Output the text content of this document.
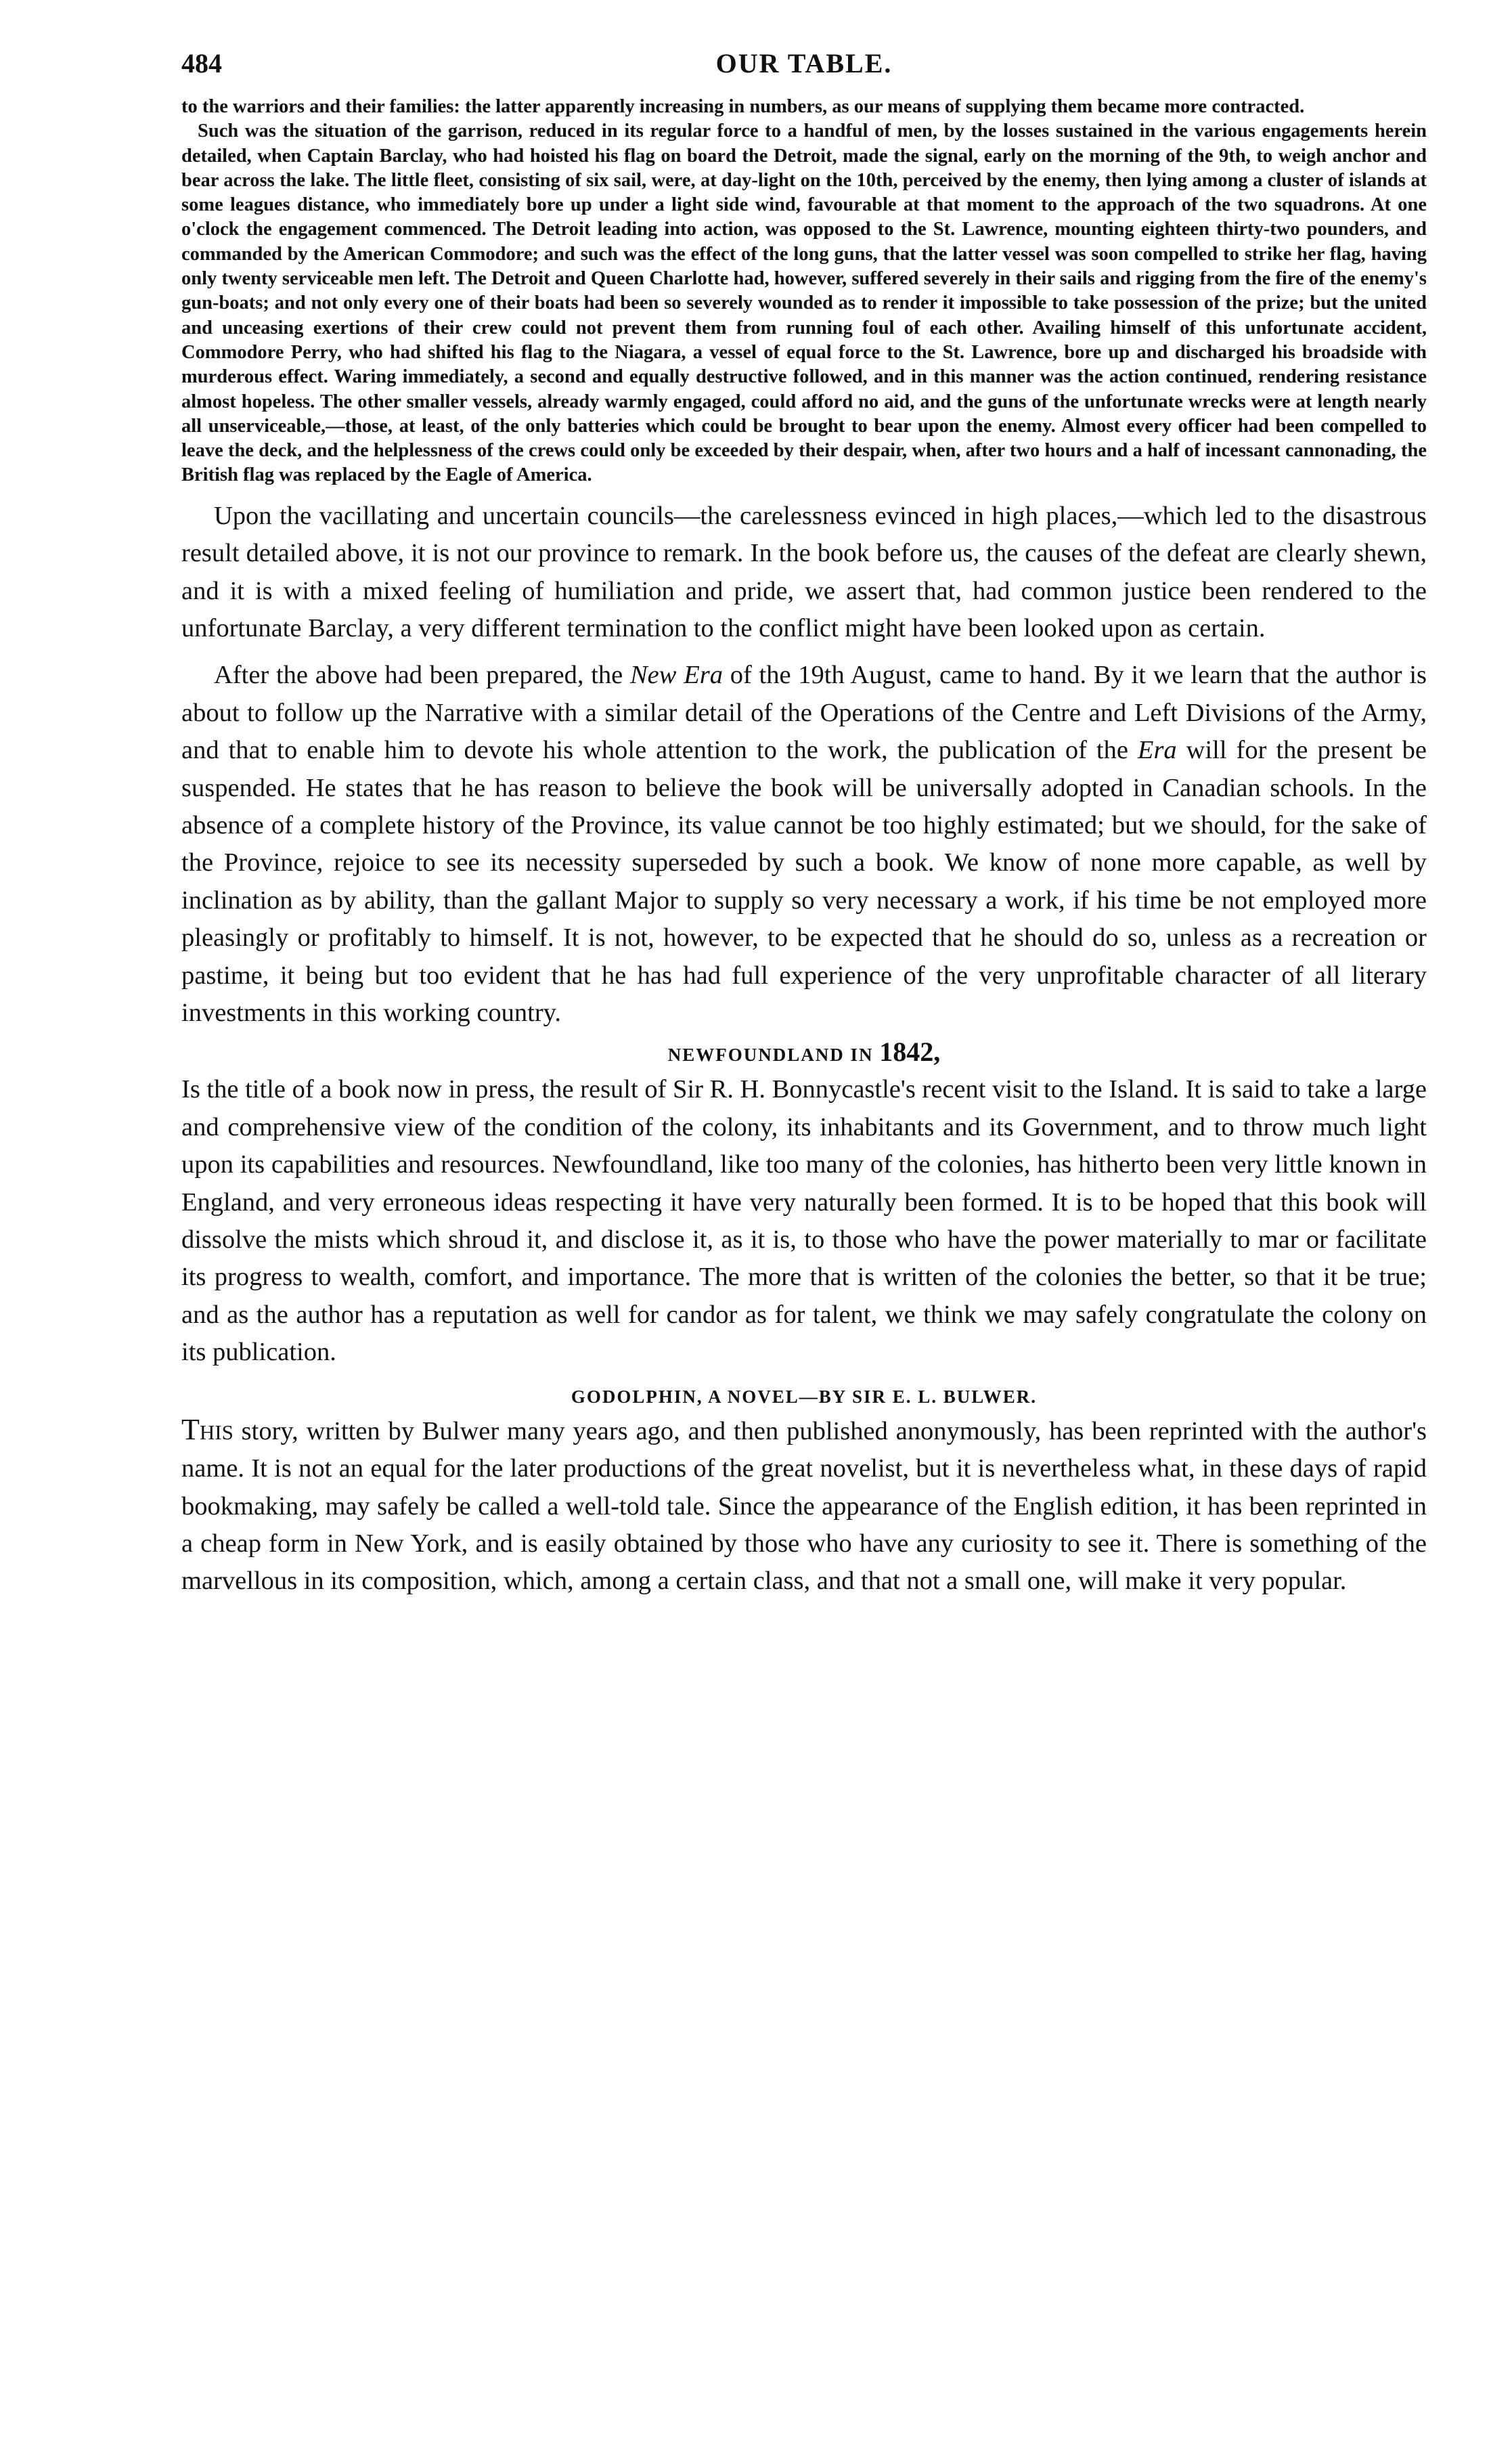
484	OUR TABLE.

to the warriors and their families: the latter apparently increasing in numbers, as our means of supplying them became more contracted.

Such was the situation of the garrison, reduced in its regular force to a handful of men, by the losses sustained in the various engagements herein detailed, when Captain Barclay, who had hoisted his flag on board the Detroit, made the signal, early on the morning of the 9th, to weigh anchor and bear across the lake. The little fleet, consisting of six sail, were, at day-light on the 10th, perceived by the enemy, then lying among a cluster of islands at some leagues distance, who immediately bore up under a light side wind, favourable at that moment to the approach of the two squadrons. At one o'clock the engagement commenced. The Detroit leading into action, was opposed to the St. Lawrence, mounting eighteen thirty-two pounders, and commanded by the American Commodore; and such was the effect of the long guns, that the latter vessel was soon compelled to strike her flag, having only twenty serviceable men left. The Detroit and Queen Charlotte had, however, suffered severely in their sails and rigging from the fire of the enemy's gun-boats; and not only every one of their boats had been so severely wounded as to render it impossible to take possession of the prize; but the united and unceasing exertions of their crew could not prevent them from running foul of each other. Availing himself of this unfortunate accident, Commodore Perry, who had shifted his flag to the Niagara, a vessel of equal force to the St. Lawrence, bore up and discharged his broadside with murderous effect. Waring immediately, a second and equally destructive followed, and in this manner was the action continued, rendering resistance almost hopeless. The other smaller vessels, already warmly engaged, could afford no aid, and the guns of the unfortunate wrecks were at length nearly all unserviceable,—those, at least, of the only batteries which could be brought to bear upon the enemy. Almost every officer had been compelled to leave the deck, and the helplessness of the crews could only be exceeded by their despair, when, after two hours and a half of incessant cannonading, the British flag was replaced by the Eagle of America.

Upon the vacillating and uncertain councils—the carelessness evinced in high places,—which led to the disastrous result detailed above, it is not our province to remark. In the book before us, the causes of the defeat are clearly shewn, and it is with a mixed feeling of humiliation and pride, we assert that, had common justice been rendered to the unfortunate Barclay, a very different termination to the conflict might have been looked upon as certain.

After the above had been prepared, the New Era of the 19th August, came to hand. By it we learn that the author is about to follow up the Narrative with a similar detail of the Operations of the Centre and Left Divisions of the Army, and that to enable him to devote his whole attention to the work, the publication of the Era will for the present be suspended. He states that he has reason to believe the book will be universally adopted in Canadian schools. In the absence of a complete history of the Province, its value cannot be too highly estimated; but we should, for the sake of the Province, rejoice to see its necessity superseded by such a book. We know of none more capable, as well by inclination as by ability, than the gallant Major to supply so very necessary a work, if his time be not employed more pleasingly or profitably to himself. It is not, however, to be expected that he should do so, unless as a recreation or pastime, it being but too evident that he has had full experience of the very unprofitable character of all literary investments in this working country.

NEWFOUNDLAND IN 1842,

Is the title of a book now in press, the result of Sir R. H. Bonnycastle's recent visit to the Island. It is said to take a large and comprehensive view of the condition of the colony, its inhabitants and its Government, and to throw much light upon its capabilities and resources. Newfoundland, like too many of the colonies, has hitherto been very little known in England, and very erroneous ideas respecting it have very naturally been formed. It is to be hoped that this book will dissolve the mists which shroud it, and disclose it, as it is, to those who have the power materially to mar or facilitate its progress to wealth, comfort, and importance. The more that is written of the colonies the better, so that it be true; and as the author has a reputation as well for candor as for talent, we think we may safely congratulate the colony on its publication.

GODOLPHIN, A NOVEL—BY SIR E. L. BULWER.

This story, written by Bulwer many years ago, and then published anonymously, has been reprinted with the author's name. It is not an equal for the later productions of the great novelist, but it is nevertheless what, in these days of rapid bookmaking, may safely be called a well-told tale. Since the appearance of the English edition, it has been reprinted in a cheap form in New York, and is easily obtained by those who have any curiosity to see it. There is something of the marvellous in its composition, which, among a certain class, and that not a small one, will make it very popular.
